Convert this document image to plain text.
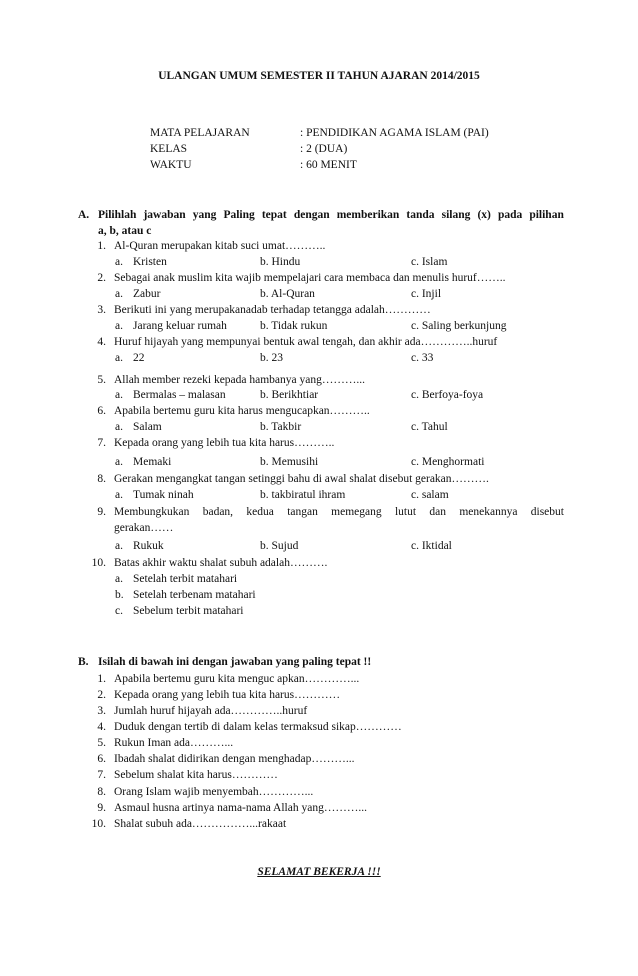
ULANGAN UMUM SEMESTER II TAHUN AJARAN 2014/2015
MATA PELAJARAN	: PENDIDIKAN AGAMA ISLAM (PAI)
KELAS	: 2 (DUA)
WAKTU	: 60 MENIT
A. Pilihlah jawaban yang Paling tepat dengan memberikan tanda silang (x) pada pilihan
a, b, atau c
1. Al-Quran merupakan kitab suci umat………..
a. Kristen	b. Hindu	c. Islam
2. Sebagai anak muslim kita wajib mempelajari cara membaca dan menulis huruf……..
a. Zabur	b. Al-Quran	c. Injil
3. Berikuti ini yang merupakanadab terhadap tetangga adalah…………
a. Jarang keluar rumah	b. Tidak rukun	c. Saling berkunjung
4. Huruf hijayah yang mempunyai bentuk awal tengah, dan akhir ada…………..huruf
a. 22	b. 23	c. 33
5. Allah member rezeki kepada hambanya yang………...
a. Bermalas – malasan	b. Berikhtiar	c. Berfoya-foya
6. Apabila bertemu guru kita harus mengucapkan………..
a. Salam	b. Takbir	c. Tahul
7. Kepada orang yang lebih tua kita harus………..
a. Memaki	b. Memusihi	c. Menghormati
8. Gerakan mengangkat tangan setinggi bahu di awal shalat disebut gerakan……….
a. Tumak ninah	b. takbiratul ihram	c. salam
9. Membungkukan badan, kedua tangan memegang lutut dan menekannya disebut
gerakan……
a. Rukuk	b. Sujud	c. Iktidal
10. Batas akhir waktu shalat subuh adalah……….
a. Setelah terbit matahari
b. Setelah terbenam matahari
c. Sebelum terbit matahari
B. Isilah di bawah ini dengan jawaban yang paling tepat !!
1. Apabila bertemu guru kita menguc apkan…………...
2. Kepada orang yang lebih tua kita harus…………
3. Jumlah huruf hijayah ada…………..huruf
4. Duduk dengan tertib di dalam kelas termaksud sikap…………
5. Rukun Iman ada………...
6. Ibadah shalat didirikan dengan menghadap………...
7. Sebelum shalat kita harus…………
8. Orang Islam wajib menyembah…………...
9. Asmaul husna artinya nama-nama Allah yang………...
10. Shalat subuh ada……………...rakaat
SELAMAT BEKERJA !!!
